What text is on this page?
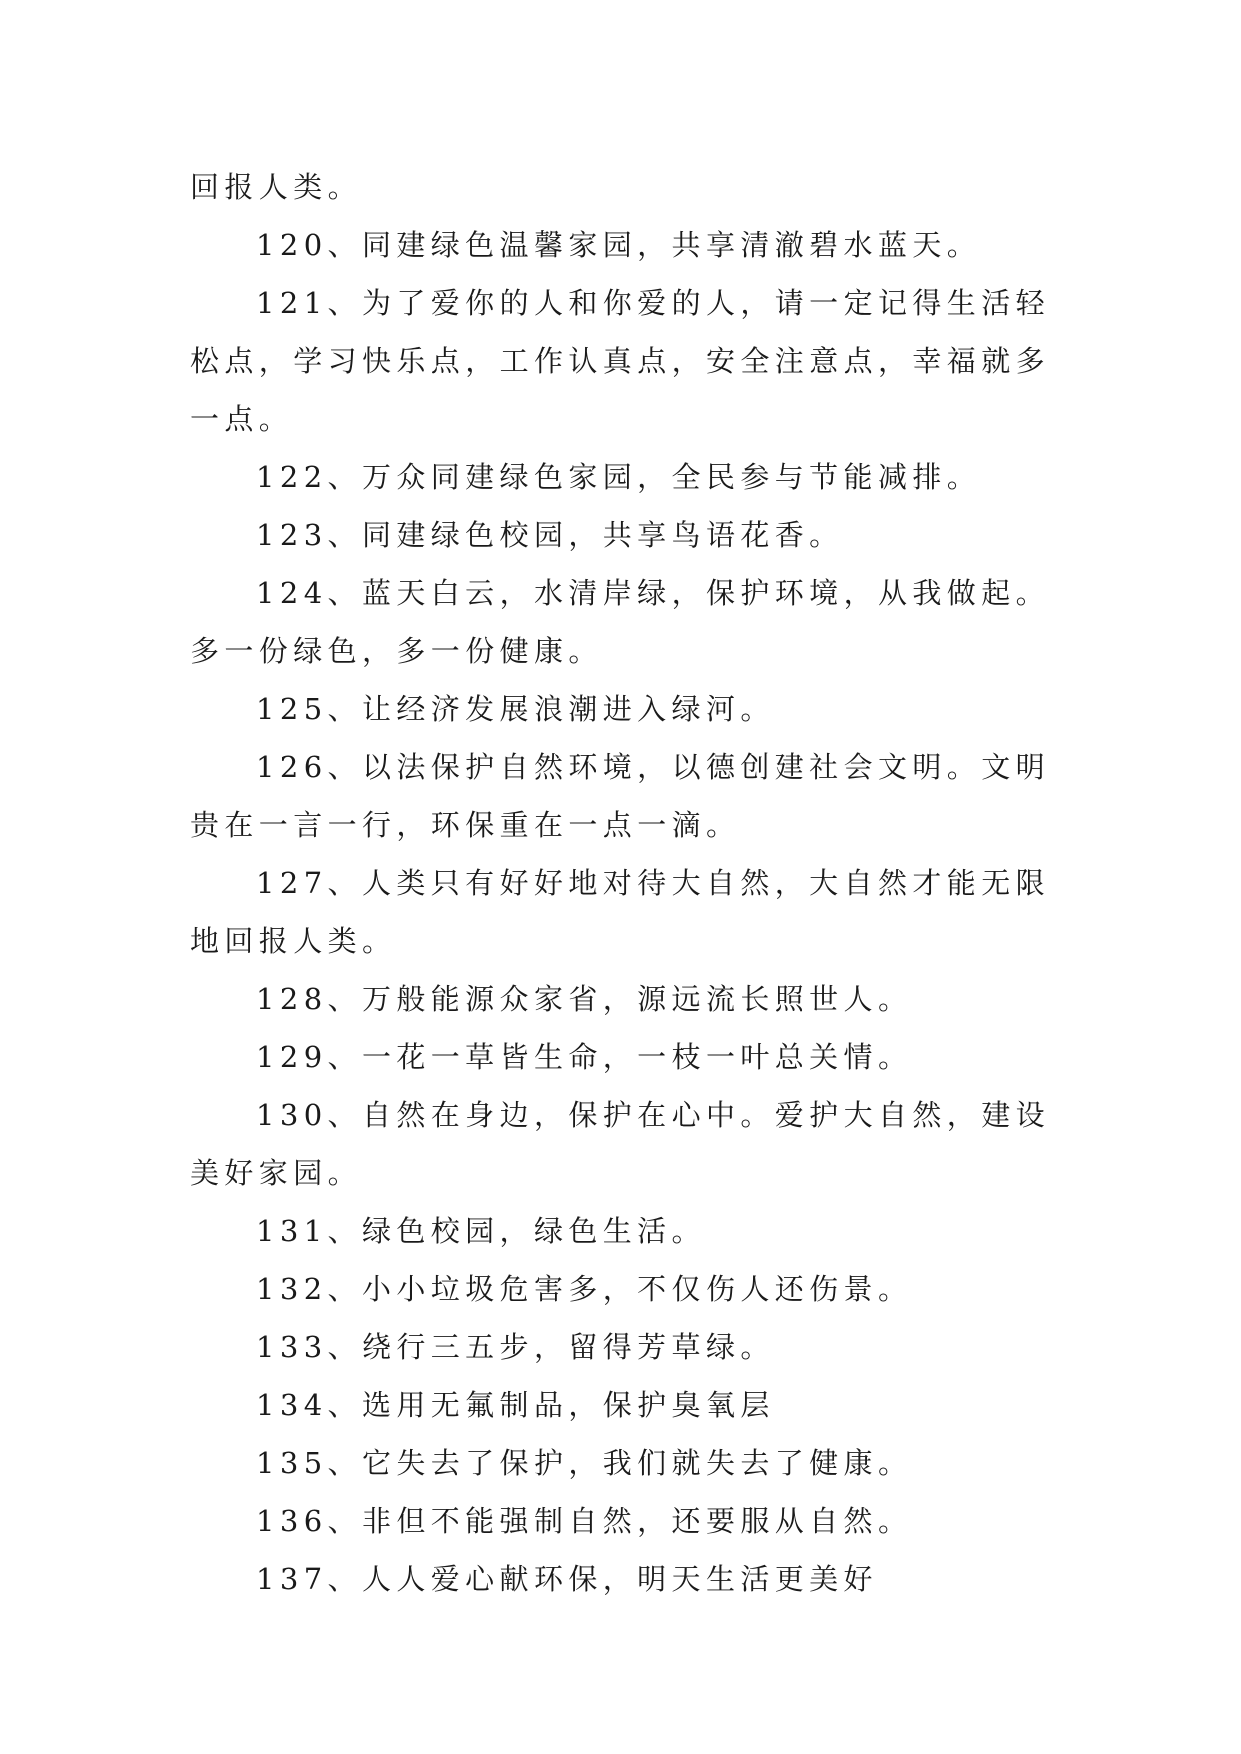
回报人类。

120、同建绿色温馨家园，共享清澈碧水蓝天。

121、为了爱你的人和你爱的人，请一定记得生活轻松点，学习快乐点，工作认真点，安全注意点，幸福就多一点。

122、万众同建绿色家园，全民参与节能减排。

123、同建绿色校园，共享鸟语花香。

124、蓝天白云，水清岸绿，保护环境，从我做起。多一份绿色，多一份健康。

125、让经济发展浪潮进入绿河。

126、以法保护自然环境，以德创建社会文明。文明贵在一言一行，环保重在一点一滴。

127、人类只有好好地对待大自然，大自然才能无限地回报人类。

128、万般能源众家省，源远流长照世人。

129、一花一草皆生命，一枝一叶总关情。

130、自然在身边，保护在心中。爱护大自然，建设美好家园。

131、绿色校园，绿色生活。

132、小小垃圾危害多，不仅伤人还伤景。

133、绕行三五步，留得芳草绿。

134、选用无氟制品，保护臭氧层

135、它失去了保护，我们就失去了健康。

136、非但不能强制自然，还要服从自然。

137、人人爱心献环保，明天生活更美好
